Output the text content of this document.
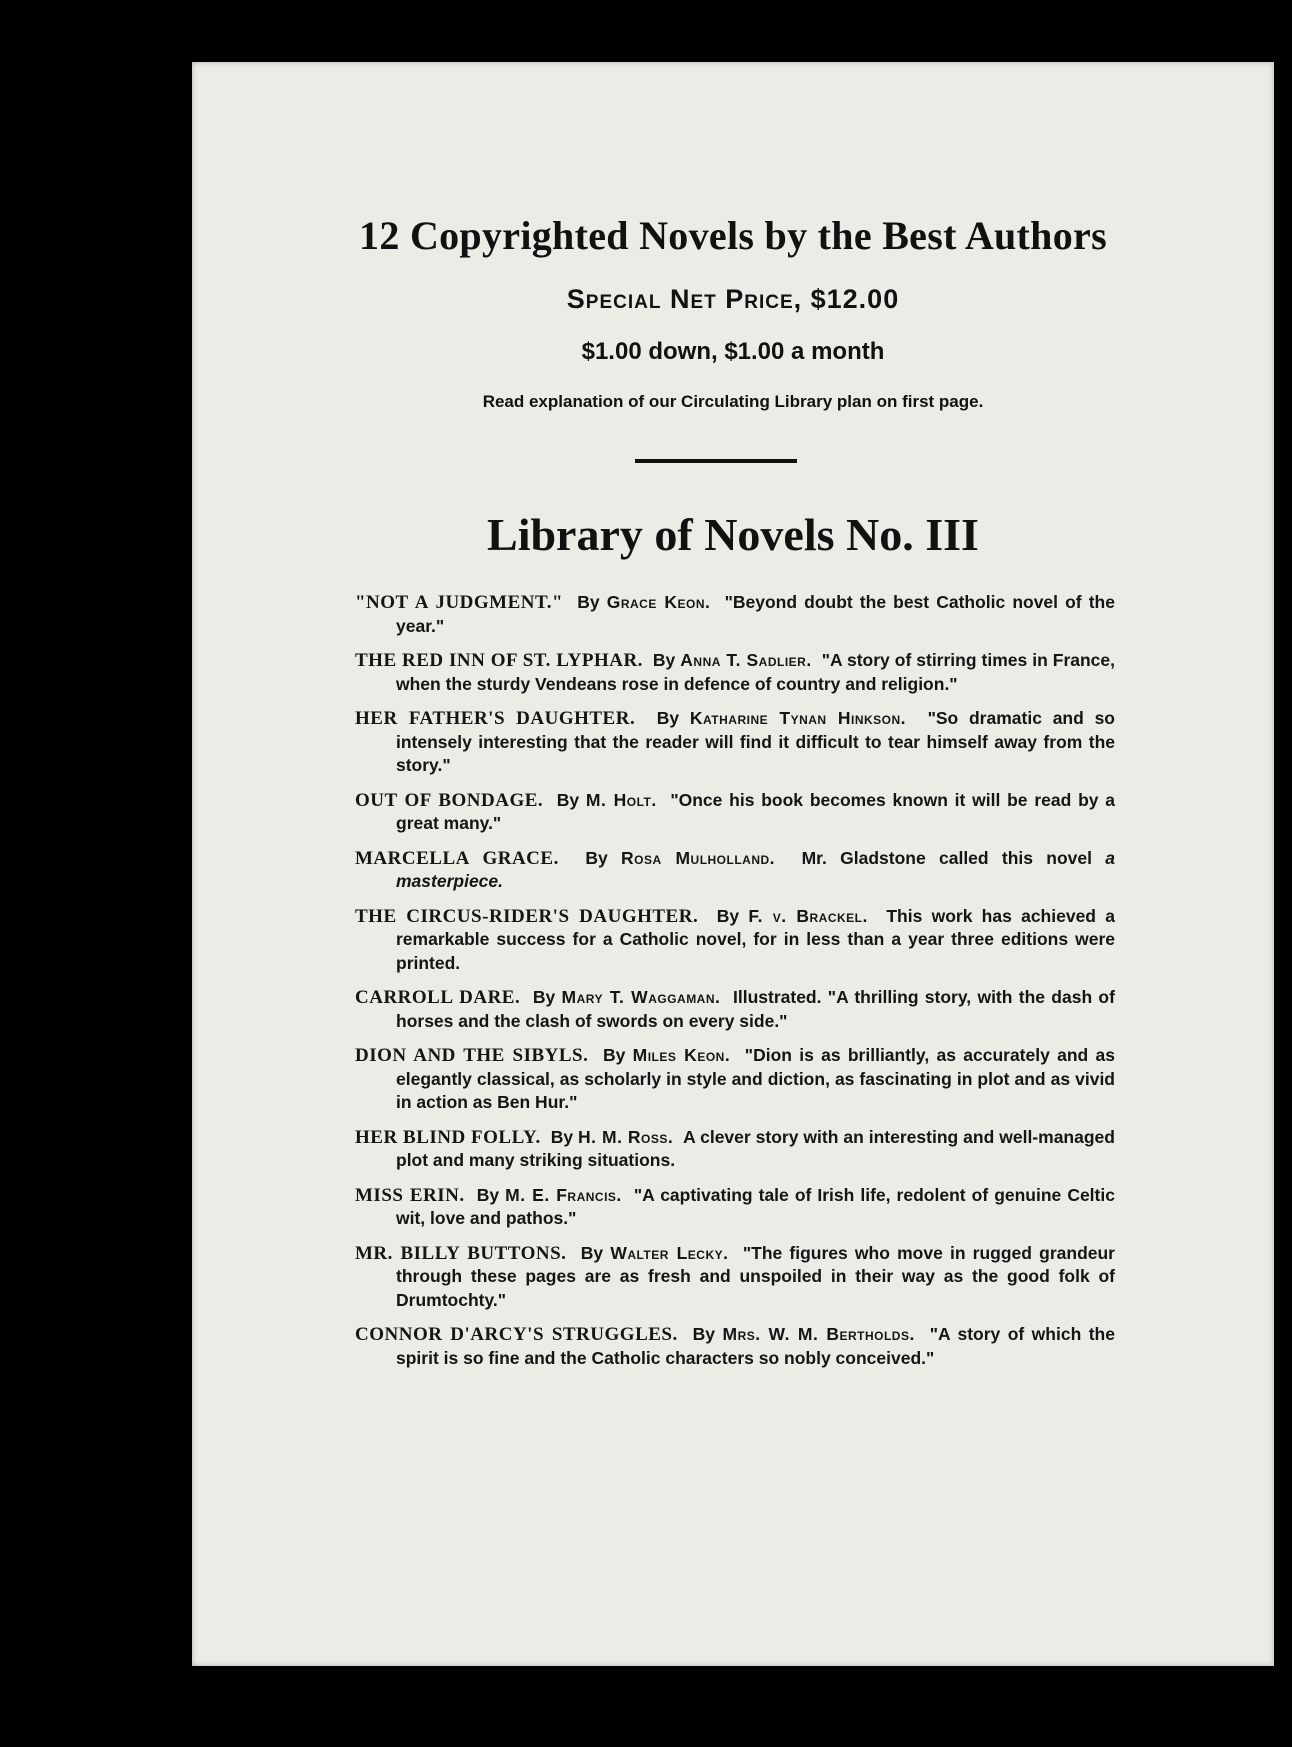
12 Copyrighted Novels by the Best Authors
Special Net Price, $12.00
$1.00 down, $1.00 a month
Read explanation of our Circulating Library plan on first page.
Library of Novels No. III
"NOT A JUDGMENT." By Grace Keon. "Beyond doubt the best Catholic novel of the year."
THE RED INN OF ST. LYPHAR. By Anna T. Sadlier. "A story of stirring times in France, when the sturdy Vendeans rose in defence of country and religion."
HER FATHER'S DAUGHTER. By Katharine Tynan Hinkson. "So dramatic and so intensely interesting that the reader will find it difficult to tear himself away from the story."
OUT OF BONDAGE. By M. Holt. "Once his book becomes known it will be read by a great many."
MARCELLA GRACE. By Rosa Mulholland. Mr. Gladstone called this novel a masterpiece.
THE CIRCUS-RIDER'S DAUGHTER. By F. v. Brackel. This work has achieved a remarkable success for a Catholic novel, for in less than a year three editions were printed.
CARROLL DARE. By Mary T. Waggaman. Illustrated. "A thrilling story, with the dash of horses and the clash of swords on every side."
DION AND THE SIBYLS. By Miles Keon. "Dion is as brilliantly, as accurately and as elegantly classical, as scholarly in style and diction, as fascinating in plot and as vivid in action as Ben Hur."
HER BLIND FOLLY. By H. M. Ross. A clever story with an interesting and well-managed plot and many striking situations.
MISS ERIN. By M. E. Francis. "A captivating tale of Irish life, redolent of genuine Celtic wit, love and pathos."
MR. BILLY BUTTONS. By Walter Lecky. "The figures who move in rugged grandeur through these pages are as fresh and unspoiled in their way as the good folk of Drumtochty."
CONNOR D'ARCY'S STRUGGLES. By Mrs. W. M. Bertholds. "A story of which the spirit is so fine and the Catholic characters so nobly conceived."
